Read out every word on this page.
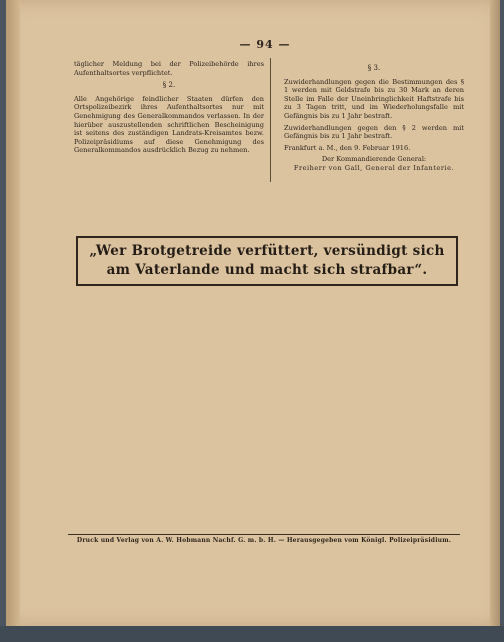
— 94 —

täglicher Meldung bei der Polizeibehörde ihres Aufenthaltsortes verpflichtet.

§ 2.

Alle Angehörige feindlicher Staaten dürfen den Ortspolizeibezirk ihres Aufenthaltsortes nur mit Genehmigung des Generalkommandos verlassen. In der hierüber auszustellenden schriftlichen Bescheinigung ist seitens des zuständigen Landrats-Kreisamtes bezw. Polizeipräsidiums auf diese Genehmigung des Generalkommandos ausdrücklich Bezug zu nehmen.

§ 3.

Zuwiderhandlungen gegen die Bestimmungen des § 1 werden mit Geldstrafe bis zu 30 Mark an deren Stelle im Falle der Uneinbringlichkeit Haftstrafe bis zu 3 Tagen tritt, und im Wiederholungsfalle mit Gefängnis bis zu 1 Jahr bestraft.

Zuwiderhandlungen gegen den § 2 werden mit Gefängnis bis zu 1 Jahr bestraft.

Frankfurt a. M., den 9. Februar 1916.

Der Kommandierende General:
Freiherr von Gall, General der Infanterie.
„Wer Brotgetreide verfüttert, versündigt sich
am Vaterlande und macht sich strafbar“.
Druck und Verlag von A. W. Hobmann Nachf. G. m. b. H. — Herausgegeben vom Königl. Polizeipräsidium.
